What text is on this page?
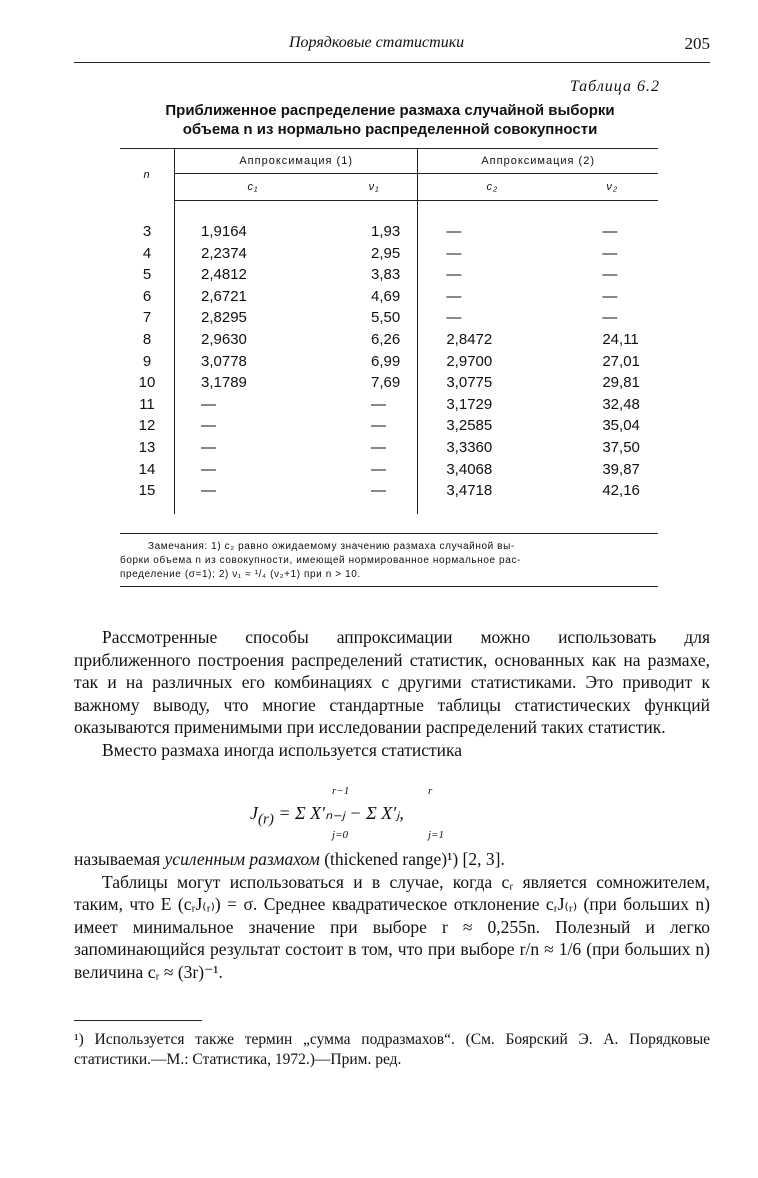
Порядковые статистики	205
Таблица 6.2
Приближенное распределение размаха случайной выборки
объема n из нормально распределенной совокупности
n	Аппроксимация (1)		Аппроксимация (2)	
	c₁	ν₁	c₂	ν₂

3	1,9164	1,93	—	—
4	2,2374	2,95	—	—
5	2,4812	3,83	—	—
6	2,6721	4,69	—	—
7	2,8295	5,50	—	—
8	2,9630	6,26	2,8472	24,11
9	3,0778	6,99	2,9700	27,01
10	3,1789	7,69	3,0775	29,81
11	—	—	3,1729	32,48
12	—	—	3,2585	35,04
13	—	—	3,3360	37,50
14	—	—	3,4068	39,87
15	—	—	3,4718	42,16

Замечания: 1) c₂ равно ожидаемому значению размаха случайной вы-
борки объема n из совокупности, имеющей нормированное нормальное рас-
пределение (σ=1); 2) ν₁ ≈ ¹/₄ (ν₂+1) при n > 10.
Рассмотренные способы аппроксимации можно использовать для приближенного построения распределений статистик, основанных как на размахе, так и на различных его комбинациях с другими статистиками. Это приводит к важному выводу, что многие стандартные таблицы статистических функций оказываются применимыми при исследовании распределений таких статистик.
Вместо размаха иногда используется статистика
r−1
j=0
r
j=1
$J_{(r)} = \Sigma$ X′ₙ₋ⱼ − Σ X′ⱼ,
называемая усиленным размахом (thickened range)¹) [2, 3].
Таблицы могут использоваться и в случае, когда cᵣ является сомножителем, таким, что E (cᵣJ₍ᵣ₎) = σ. Среднее квадратическое отклонение cᵣJ₍ᵣ₎ (при больших n) имеет минимальное значение при выборе r ≈ 0,255n. Полезный и легко запоминающийся результат состоит в том, что при выборе r/n ≈ 1/6 (при больших n) величина cᵣ ≈ (3r)⁻¹.
¹) Используется также термин „сумма подразмахов“. (См. Боярский Э. А. Порядковые статистики.—М.: Статистика, 1972.)—Прим. ред.
